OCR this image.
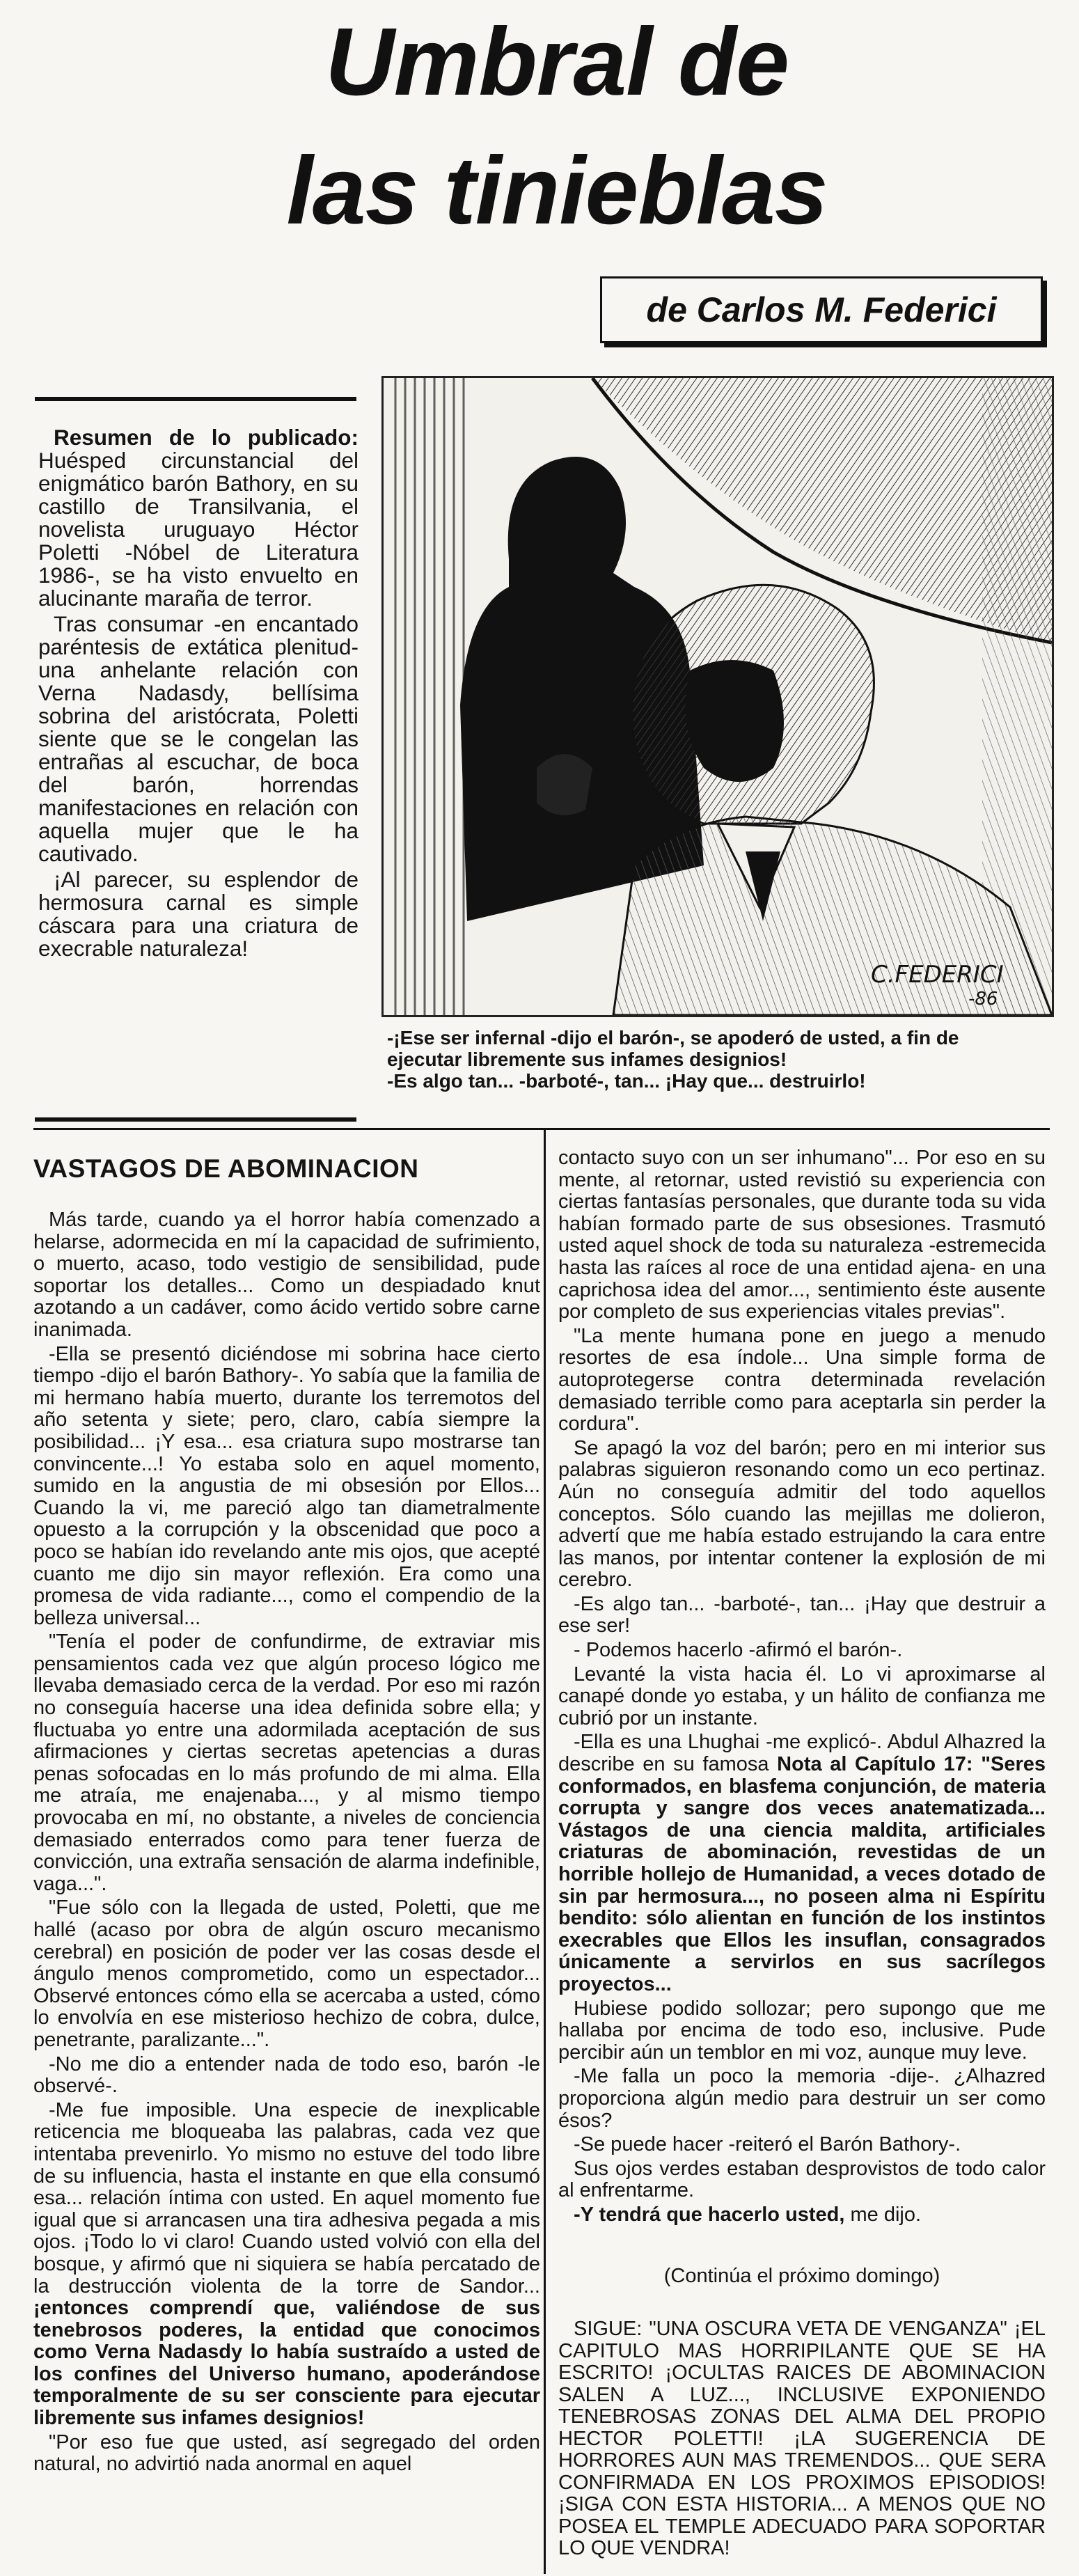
Umbral de
las tinieblas
de Carlos M. Federici

Resumen de lo publicado: Huésped circunstancial del enigmático barón Bathory, en su castillo de Transilvania, el novelista uruguayo Héctor Poletti -Nóbel de Literatura 1986-, se ha visto envuelto en alucinante maraña de terror.

Tras consumar -en encantado paréntesis de extática plenitud- una anhelante relación con Verna Nadasdy, bellísima sobrina del aristócrata, Poletti siente que se le congelan las entrañas al escuchar, de boca del barón, horrendas manifestaciones en relación con aquella mujer que le ha cautivado.

¡Al parecer, su esplendor de hermosura carnal es simple cáscara para una criatura de execrable naturaleza!

C.FEDERICI
-86
-¡Ese ser infernal -dijo el barón-, se apoderó de usted, a fin de
ejecutar libremente sus infames designios!
-Es algo tan... -barboté-, tan... ¡Hay que... destruirlo!
VASTAGOS DE ABOMINACION

Más tarde, cuando ya el horror había comenzado a helarse, adormecida en mí la capacidad de sufrimiento, o muerto, acaso, todo vestigio de sensibilidad, pude soportar los detalles... Como un despiadado knut azotando a un cadáver, como ácido vertido sobre carne inanimada.

-Ella se presentó diciéndose mi sobrina hace cierto tiempo -dijo el barón Bathory-. Yo sabía que la familia de mi hermano había muerto, durante los terremotos del año setenta y siete; pero, claro, cabía siempre la posibilidad... ¡Y esa... esa criatura supo mostrarse tan convincente...! Yo estaba solo en aquel momento, sumido en la angustia de mi obsesión por Ellos... Cuando la vi, me pareció algo tan diametralmente opuesto a la corrupción y la obscenidad que poco a poco se habían ido revelando ante mis ojos, que acepté cuanto me dijo sin mayor reflexión. Era como una promesa de vida radiante..., como el compendio de la belleza universal...

"Tenía el poder de confundirme, de extraviar mis pensamientos cada vez que algún proceso lógico me llevaba demasiado cerca de la verdad. Por eso mi razón no conseguía hacerse una idea definida sobre ella; y fluctuaba yo entre una adormilada aceptación de sus afirmaciones y ciertas secretas apetencias a duras penas sofocadas en lo más profundo de mi alma. Ella me atraía, me enajenaba..., y al mismo tiempo provocaba en mí, no obstante, a niveles de conciencia demasiado enterrados como para tener fuerza de convicción, una extraña sensación de alarma indefinible, vaga...".

"Fue sólo con la llegada de usted, Poletti, que me hallé (acaso por obra de algún oscuro mecanismo cerebral) en posición de poder ver las cosas desde el ángulo menos comprometido, como un espectador... Observé entonces cómo ella se acercaba a usted, cómo lo envolvía en ese misterioso hechizo de cobra, dulce, penetrante, paralizante...".

-No me dio a entender nada de todo eso, barón -le observé-.

-Me fue imposible. Una especie de inexplicable reticencia me bloqueaba las palabras, cada vez que intentaba prevenirlo. Yo mismo no estuve del todo libre de su influencia, hasta el instante en que ella consumó esa... relación íntima con usted. En aquel momento fue igual que si arrancasen una tira adhesiva pegada a mis ojos. ¡Todo lo vi claro! Cuando usted volvió con ella del bosque, y afirmó que ni siquiera se había percatado de la destrucción violenta de la torre de Sandor... ¡entonces comprendí que, valiéndose de sus tenebrosos poderes, la entidad que conocimos como Verna Nadasdy lo había sustraído a usted de los confines del Universo humano, apoderándose temporalmente de su ser consciente para ejecutar libremente sus infames designios!

"Por eso fue que usted, así segregado del orden natural, no advirtió nada anormal en aquel

contacto suyo con un ser inhumano"... Por eso en su mente, al retornar, usted revistió su experiencia con ciertas fantasías personales, que durante toda su vida habían formado parte de sus obsesiones. Trasmutó usted aquel shock de toda su naturaleza -estremecida hasta las raíces al roce de una entidad ajena- en una caprichosa idea del amor..., sentimiento éste ausente por completo de sus experiencias vitales previas".

"La mente humana pone en juego a menudo resortes de esa índole... Una simple forma de autoprotegerse contra determinada revelación demasiado terrible como para aceptarla sin perder la cordura".

Se apagó la voz del barón; pero en mi interior sus palabras siguieron resonando como un eco pertinaz. Aún no conseguía admitir del todo aquellos conceptos. Sólo cuando las mejillas me dolieron, advertí que me había estado estrujando la cara entre las manos, por intentar contener la explosión de mi cerebro.

-Es algo tan... -barboté-, tan... ¡Hay que destruir a ese ser!

- Podemos hacerlo -afirmó el barón-.

Levanté la vista hacia él. Lo vi aproximarse al canapé donde yo estaba, y un hálito de confianza me cubrió por un instante.

-Ella es una Lhughai -me explicó-. Abdul Alhazred la describe en su famosa Nota al Capítulo 17: "Seres conformados, en blasfema conjunción, de materia corrupta y sangre dos veces anatematizada... Vástagos de una ciencia maldita, artificiales criaturas de abominación, revestidas de un horrible hollejo de Humanidad, a veces dotado de sin par hermosura..., no poseen alma ni Espíritu bendito: sólo alientan en función de los instintos execrables que Ellos les insuflan, consagrados únicamente a servirlos en sus sacrílegos proyectos...

Hubiese podido sollozar; pero supongo que me hallaba por encima de todo eso, inclusive. Pude percibir aún un temblor en mi voz, aunque muy leve.

-Me falla un poco la memoria -dije-. ¿Alhazred proporciona algún medio para destruir un ser como ésos?

-Se puede hacer -reiteró el Barón Bathory-.

Sus ojos verdes estaban desprovistos de todo calor al enfrentarme.

-Y tendrá que hacerlo usted, me dijo.

(Continúa el próximo domingo)
SIGUE: "UNA OSCURA VETA DE VENGANZA" ¡EL CAPITULO MAS HORRIPILANTE QUE SE HA ESCRITO! ¡OCULTAS RAICES DE ABOMINACION SALEN A LUZ..., INCLUSIVE EXPONIENDO TENEBROSAS ZONAS DEL ALMA DEL PROPIO HECTOR POLETTI! ¡LA SUGERENCIA DE HORRORES AUN MAS TREMENDOS... QUE SERA CONFIRMADA EN LOS PROXIMOS EPISODIOS! ¡SIGA CON ESTA HISTORIA... A MENOS QUE NO POSEA EL TEMPLE ADECUADO PARA SOPORTAR LO QUE VENDRA!
